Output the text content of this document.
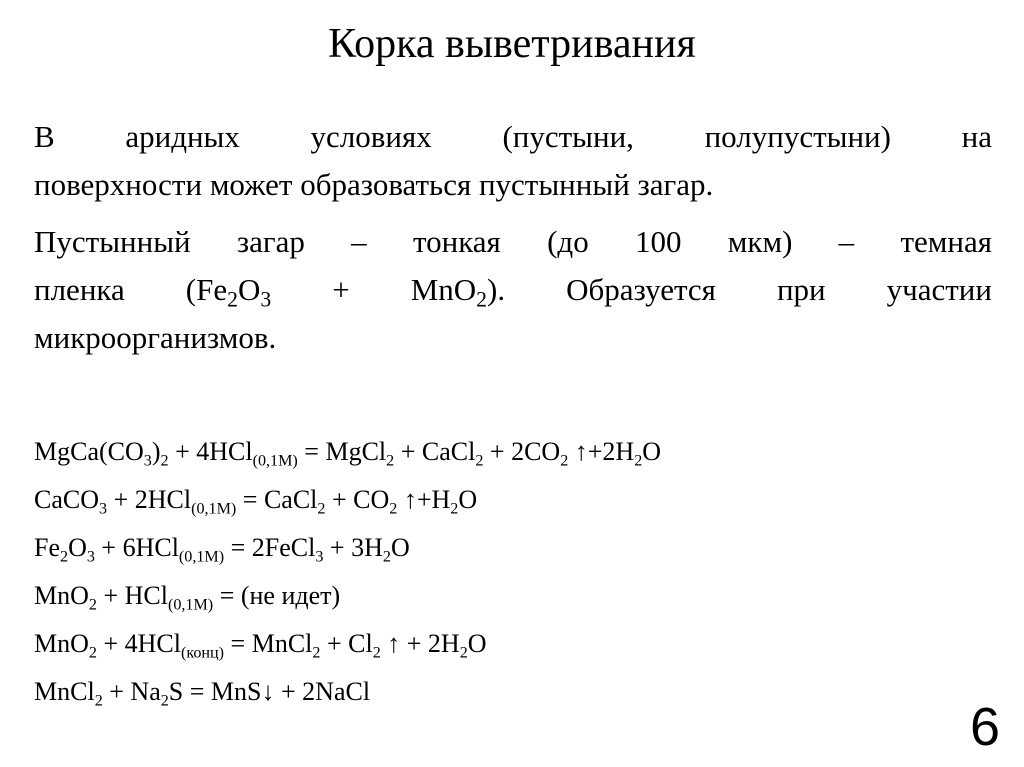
Корка выветривания
В аридных условиях (пустыни, полупустыни) на
поверхности может образоваться пустынный загар.
Пустынный загар – тонкая (до 100 мкм) – темная
пленка $(Fe_2O_3 + MnO_2)$. Образуется при участии
микроорганизмов.
$MgCa(CO_3)_2 + 4HCl_{(0,1M)}$ = MgCl$_2$ + CaCl$_2$ + $2CO_2$ $↑+2H_2O$
CaCO$_3$ + 2HCl$_{(0,1M)}$ = CaCl$_2$ + $CO_2$ $↑+H_2O$
$Fe_2O_3 + 6HCl_{(0,1M)}$ = 2FeCl$_3$ + $3H_2O$
MnO$_2$ + HCl$_{(0,1M)}$ = (не идет)
MnO$_2$ + 4HCl$_{(конц)}$ = MnCl$_2$ + $Cl_2$ ↑ + $2H_2O$
MnCl$_2$ + $Na_2S$ = MnS↓ + 2NaCl
6
